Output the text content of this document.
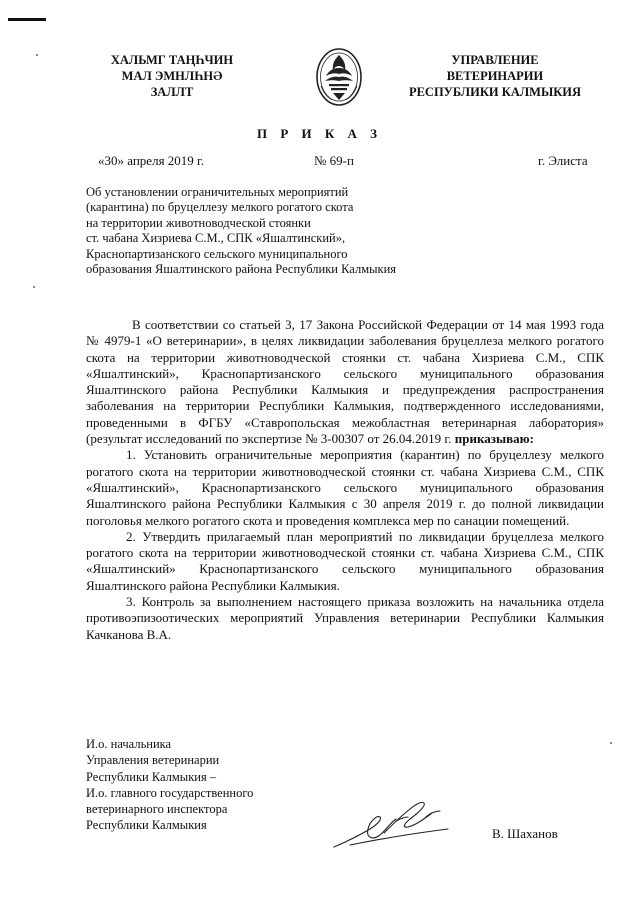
ХАЛЬМГ ТАҢҺЧИН
МАЛ ЭМНЛҺНӘ
ЗАЛЛТ
УПРАВЛЕНИЕ
ВЕТЕРИНАРИИ
РЕСПУБЛИКИ КАЛМЫКИЯ
П Р И К А З
«30» апреля 2019 г.	№ 69-п	г. Элиста
Об установлении ограничительных мероприятий
(карантина) по бруцеллезу мелкого рогатого скота
на территории животноводческой стоянки
ст. чабана Хизриева С.М., СПК «Яшалтинский»,
Краснопартизанского сельского муниципального
образования Яшалтинского района Республики Калмыкия

В соответствии со статьей 3, 17 Закона Российской Федерации от 14 мая 1993 года № 4979-1 «О ветеринарии», в целях ликвидации заболевания бруцеллеза мелкого рогатого скота на территории животноводческой стоянки ст. чабана Хизриева С.М., СПК «Яшалтинский», Краснопартизанского сельского муниципального образования Яшалтинского района Республики Калмыкия и предупреждения распространения заболевания на территории Республики Калмыкия, подтвержденного исследованиями, проведенными в ФГБУ «Ставропольская межобластная ветеринарная лаборатория» (результат исследований по экспертизе № 3-00307 от 26.04.2019 г. приказываю:

1. Установить ограничительные мероприятия (карантин) по бруцеллезу мелкого рогатого скота на территории животноводческой стоянки ст. чабана Хизриева С.М., СПК «Яшалтинский», Краснопартизанского сельского муниципального образования Яшалтинского района Республики Калмыкия с 30 апреля 2019 г. до полной ликвидации поголовья мелкого рогатого скота и проведения комплекса мер по санации помещений.

2. Утвердить прилагаемый план мероприятий по ликвидации бруцеллеза мелкого рогатого скота на территории животноводческой стоянки ст. чабана Хизриева С.М., СПК «Яшалтинский» Краснопартизанского сельского муниципального образования Яшалтинского района Республики Калмыкия.

3. Контроль за выполнением настоящего приказа возложить на начальника отдела противоэпизоотических мероприятий Управления ветеринарии Республики Калмыкия Качканова В.А.

И.о. начальника
Управления ветеринарии
Республики Калмыкия –
И.о. главного государственного
ветеринарного инспектора
Республики Калмыкия
В. Шаханов
